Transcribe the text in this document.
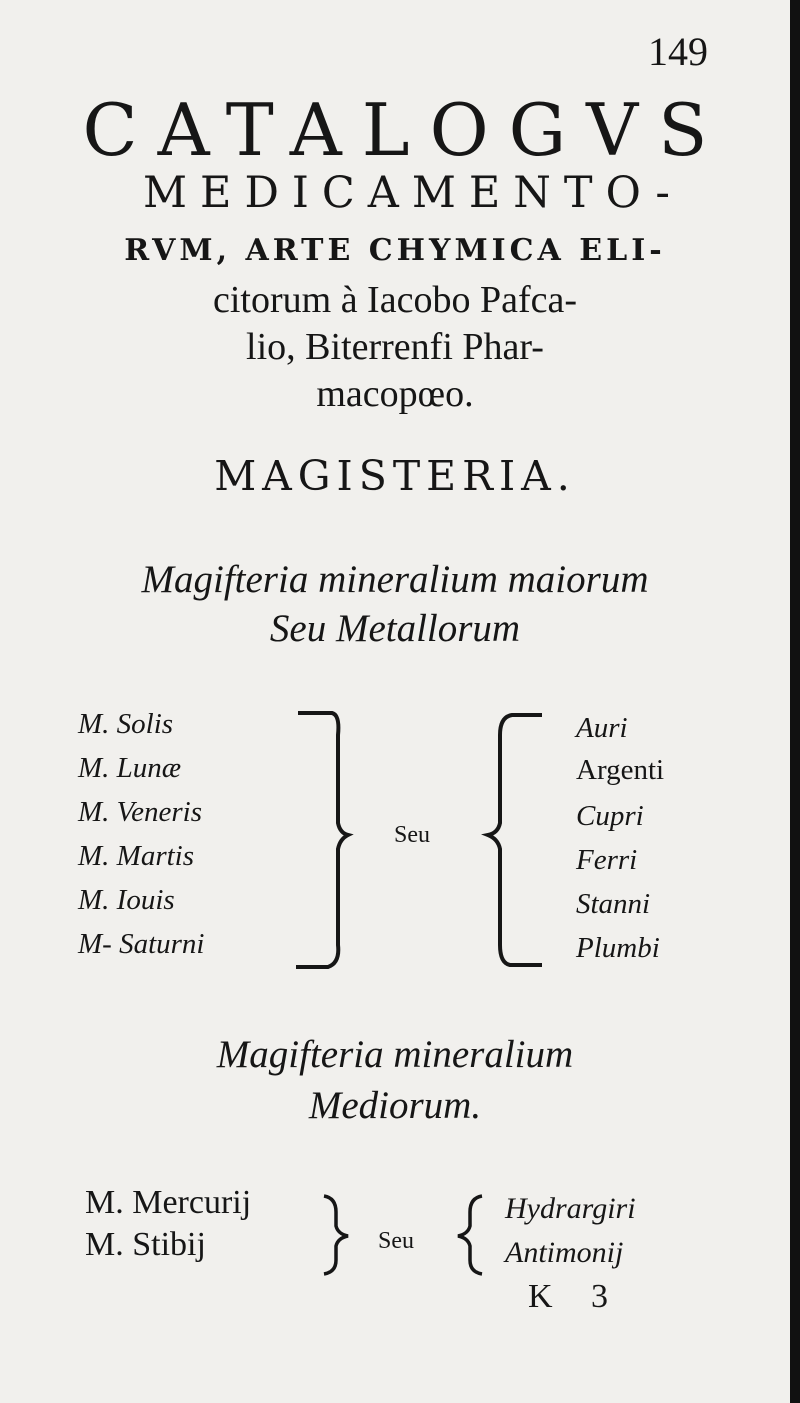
149
CATALOGVS
MEDICAMENTO-
RVM, ARTE CHYMICA ELI-
citorum à Iacobo Pafca-
lio, Biterrenfi Phar-
macopœo.
MAGISTERIA.
Magifteria mineralium maiorum
Seu Metallorum
M. Solis
M. Lunæ
M. Veneris
M. Martis
M. Iouis
M- Saturni
Seu
Auri
Argenti
Cupri
Ferri
Stanni
Plumbi
Magifteria mineralium
Mediorum.
M. Mercurij
M. Stibij	Seu
Hydrargiri
Antimonij
K 3
